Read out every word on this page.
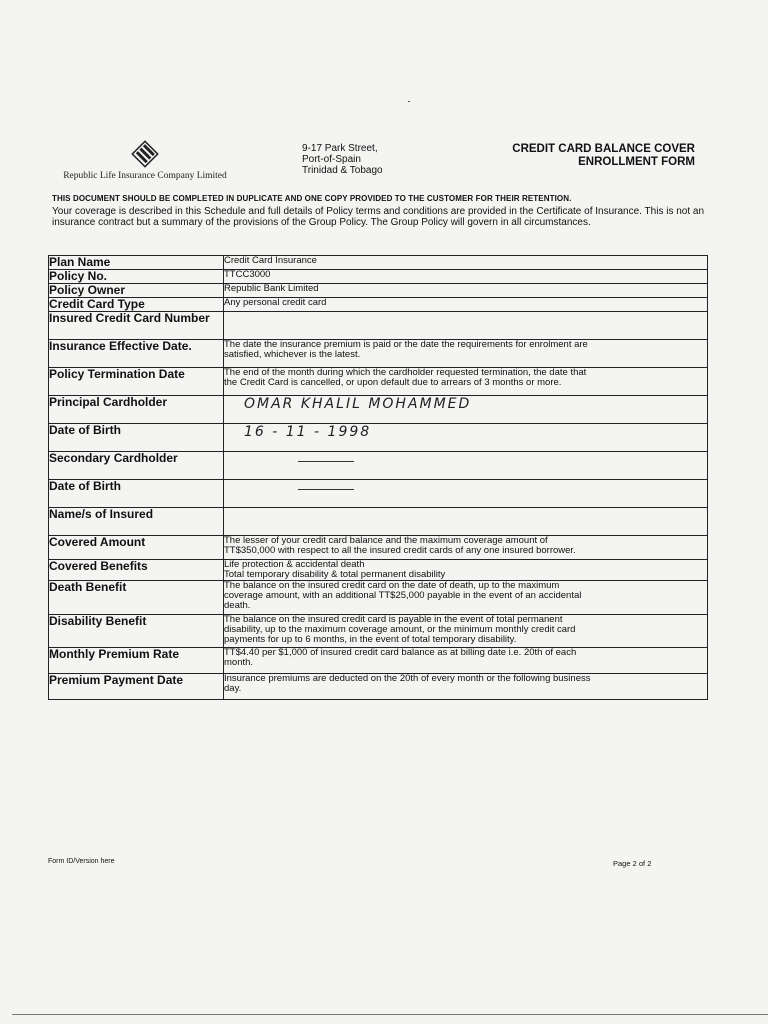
Republic Life Insurance Company Limited
9-17 Park Street,
Port-of-Spain
Trinidad & Tobago
CREDIT CARD BALANCE COVER
ENROLLMENT FORM
THIS DOCUMENT SHOULD BE COMPLETED IN DUPLICATE AND ONE COPY PROVIDED TO THE CUSTOMER FOR THEIR RETENTION.
Your coverage is described in this Schedule and full details of Policy terms and conditions are provided in the Certificate of Insurance. This is not an insurance contract but a summary of the provisions of the Group Policy. The Group Policy will govern in all circumstances.
Plan Name	Credit Card Insurance

Policy No.	TTCC3000

Policy Owner	Republic Bank Limited

Credit Card Type	Any personal credit card

Insured Credit Card Number	
Insurance Effective Date.	The date the insurance premium is paid or the date the requirements for enrolment are
satisfied, whichever is the latest.

Policy Termination Date	The end of the month during which the cardholder requested termination, the date that
the Credit Card is cancelled, or upon default due to arrears of 3 months or more.

Principal Cardholder	OMAR KHALIL MOHAMMED

Date of Birth	16 - 11 - 1998

Secondary Cardholder	

Date of Birth	

Name/s of Insured	
Covered Amount	The lesser of your credit card balance and the maximum coverage amount of
TT$350,000 with respect to all the insured credit cards of any one insured borrower.

Covered Benefits	Life protection & accidental death
Total temporary disability & total permanent disability

Death Benefit	The balance on the insured credit card on the date of death, up to the maximum
coverage amount, with an additional TT$25,000 payable in the event of an accidental
death.

Disability Benefit	The balance on the insured credit card is payable in the event of total permanent
disability, up to the maximum coverage amount, or the minimum monthly credit card
payments for up to 6 months, in the event of total temporary disability.

Monthly Premium Rate	TT$4.40 per $1,000 of insured credit card balance as at billing date i.e. 20th of each
month.

Premium Payment Date	Insurance premiums are deducted on the 20th of every month or the following business
day.
Form ID/Version here	Page 2 of 2
